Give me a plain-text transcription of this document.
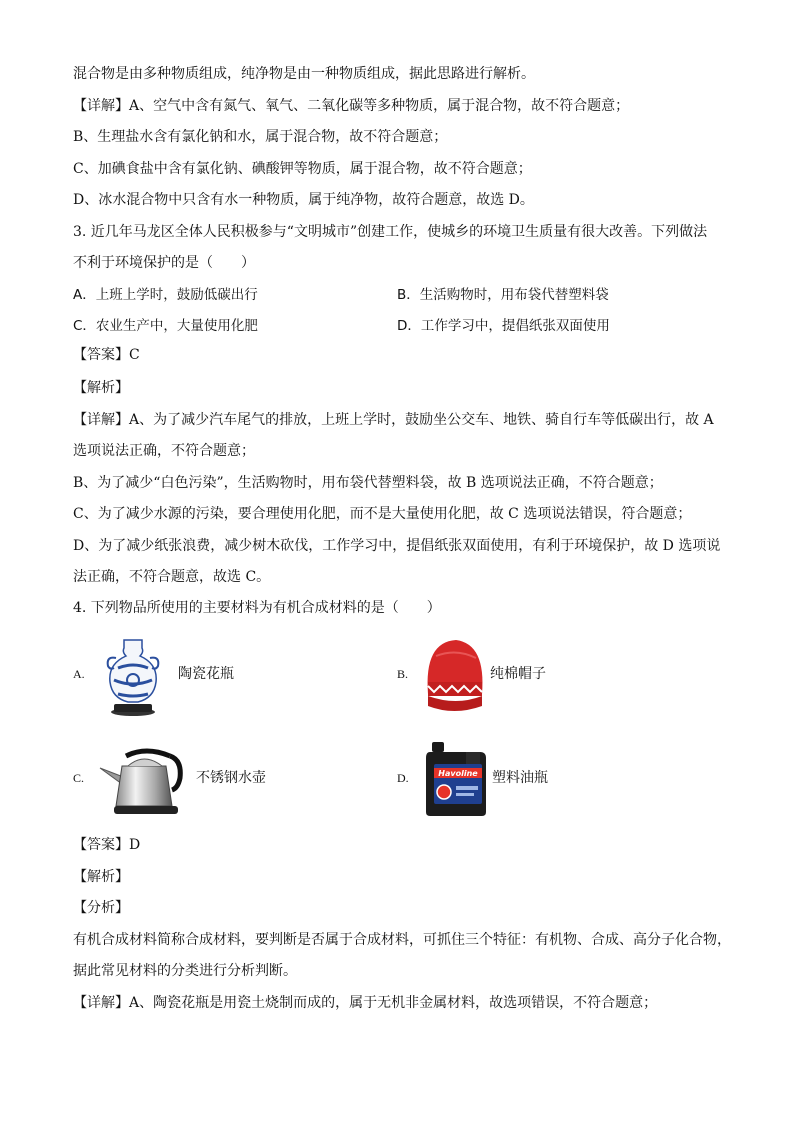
混合物是由多种物质组成，纯净物是由一种物质组成，据此思路进行解析。
【详解】A、空气中含有氮气、氧气、二氧化碳等多种物质，属于混合物，故不符合题意；
B、生理盐水含有氯化钠和水，属于混合物，故不符合题意；
C、加碘食盐中含有氯化钠、碘酸钾等物质，属于混合物，故不符合题意；
D、冰水混合物中只含有水一种物质，属于纯净物，故符合题意，故选 D。
3. 近几年马龙区全体人民积极参与“文明城市”创建工作，使城乡的环境卫生质量有很大改善。下列做法
不利于环境保护的是（　　）
A．上班上学时，鼓励低碳出行	B．生活购物时，用布袋代替塑料袋
C．农业生产中，大量使用化肥	D．工作学习中，提倡纸张双面使用
【答案】C
【解析】
【详解】A、为了减少汽车尾气的排放，上班上学时，鼓励坐公交车、地铁、骑自行车等低碳出行，故 A
选项说法正确，不符合题意；
B、为了减少“白色污染”，生活购物时，用布袋代替塑料袋，故 B 选项说法正确，不符合题意；
C、为了减少水源的污染，要合理使用化肥，而不是大量使用化肥，故 C 选项说法错误，符合题意；
D、为了减少纸张浪费，减少树木砍伐，工作学习中，提倡纸张双面使用，有利于环境保护，故 D 选项说
法正确，不符合题意，故选 C。
4. 下列物品所使用的主要材料为有机合成材料的是（　　）
A.	陶瓷花瓶	B.	纯棉帽子
C.	不锈钢水壶	D.	Havoline 塑料油瓶
【答案】D
【解析】
【分析】
有机合成材料简称合成材料，要判断是否属于合成材料，可抓住三个特征：有机物、合成、高分子化合物，
据此常见材料的分类进行分析判断。
【详解】A、陶瓷花瓶是用瓷土烧制而成的，属于无机非金属材料，故选项错误，不符合题意；
